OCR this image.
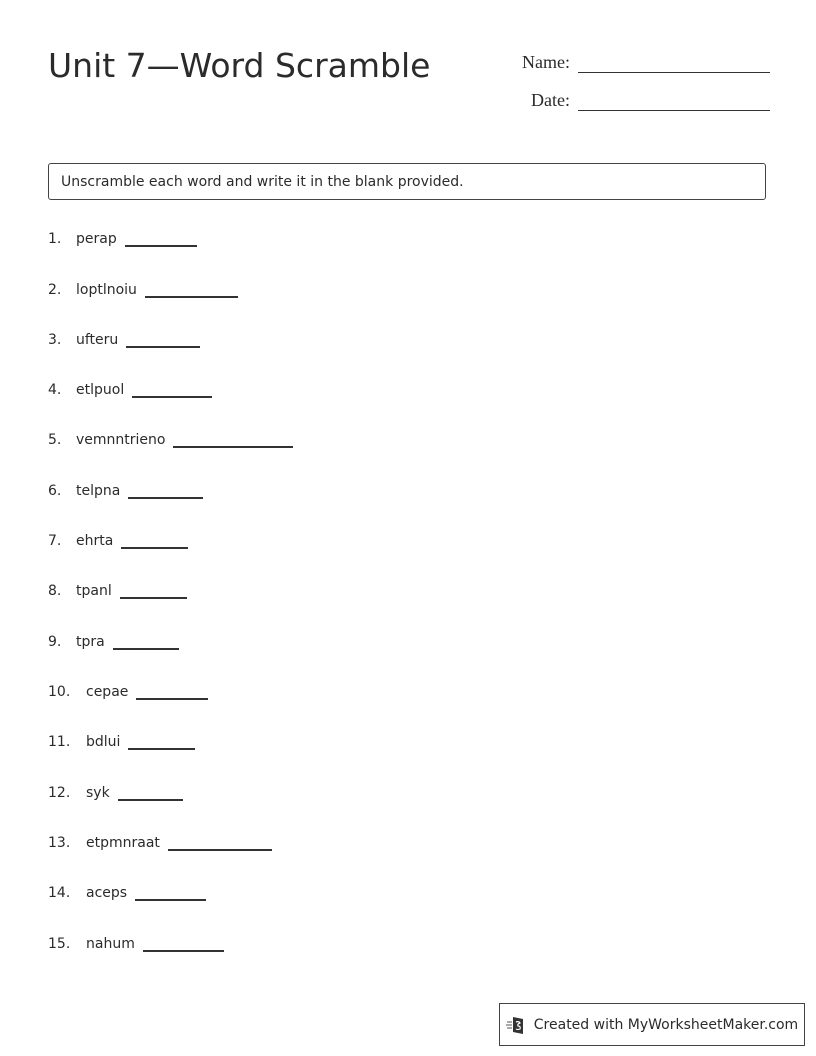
Unit 7—Word Scramble	Name:
Date:
Unscramble each word and write it in the blank provided.
1.	perap
2.	loptlnoiu
3.	ufteru
4.	etlpuol
5.	vemnntrieno
6.	telpna
7.	ehrta
8.	tpanl
9.	tpra
10.	cepae
11.	bdlui
12.	syk
13.	etpmnraat
14.	aceps
15.	nahum
Created with MyWorksheetMaker.com
